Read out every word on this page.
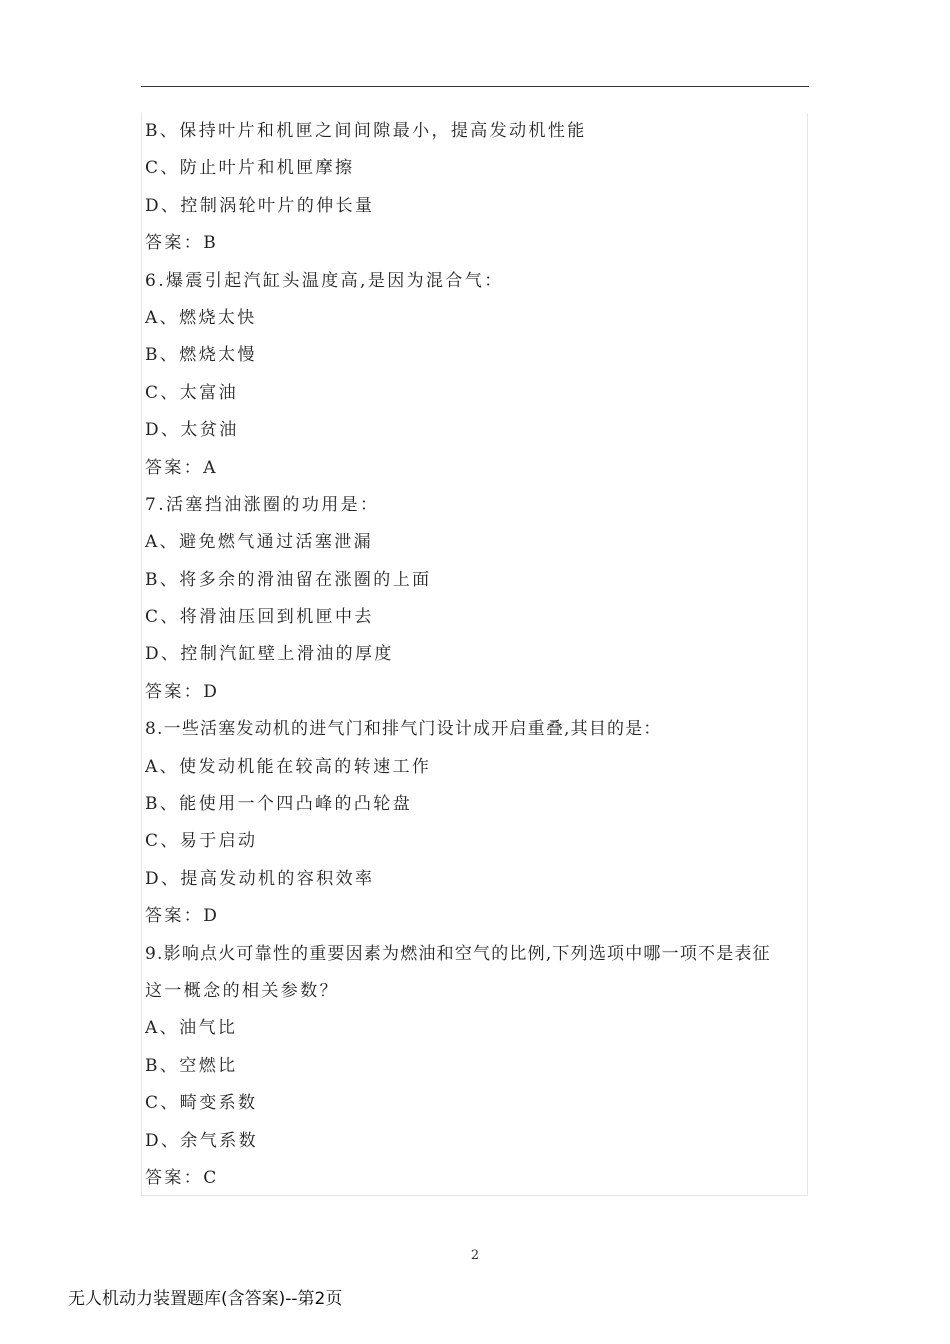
B、保持叶片和机匣之间间隙最小，提高发动机性能
C、防止叶片和机匣摩擦
D、控制涡轮叶片的伸长量
答案：B
6.爆震引起汽缸头温度高,是因为混合气：
A、燃烧太快
B、燃烧太慢
C、太富油
D、太贫油
答案：A
7.活塞挡油涨圈的功用是：
A、避免燃气通过活塞泄漏
B、将多余的滑油留在涨圈的上面
C、将滑油压回到机匣中去
D、控制汽缸壁上滑油的厚度
答案：D
8.一些活塞发动机的进气门和排气门设计成开启重叠,其目的是：
A、使发动机能在较高的转速工作
B、能使用一个四凸峰的凸轮盘
C、易于启动
D、提高发动机的容积效率
答案：D
9.影响点火可靠性的重要因素为燃油和空气的比例,下列选项中哪一项不是表征
这一概念的相关参数？
A、油气比
B、空燃比
C、畸变系数
D、余气系数
答案：C
2
无人机动力装置题库(含答案)--第2页
